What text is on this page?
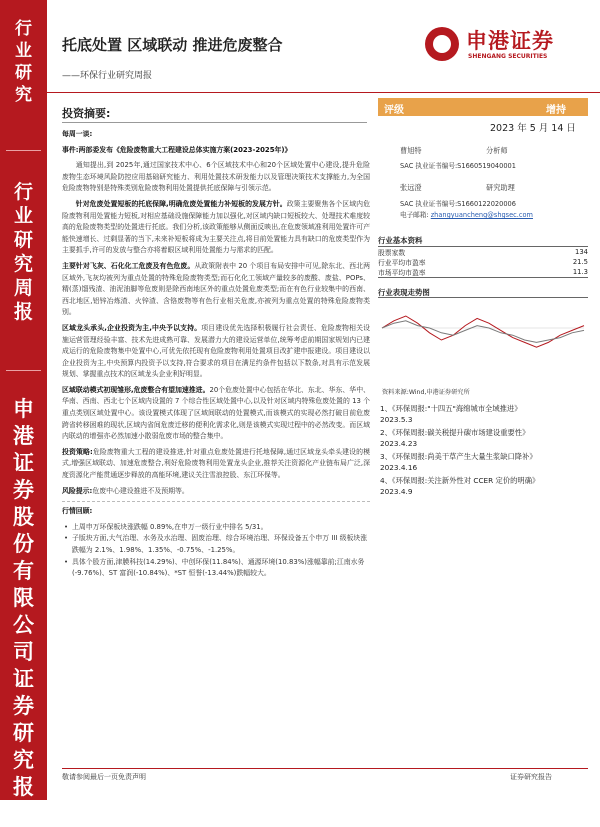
行
业
研
究
行
业
研
究
周
报
申
港
证
券
股
份
有
限
公
司
证
券
研
究
报
告
托底处置 区域联动 推进危废整合
——环保行业研究周报
申港证券
SHENGANG SECURITIES
投资摘要:

每周一谈:

事件:两部委发布《危险废物重大工程建设总体实施方案(2023-2025年)》

通知提出,到 2025年,通过国家技术中心、6个区域技术中心和20个区域处置中心建设,提升危险废物生态环境风险防控应用基础研究能力、利用处置技术研发能力以及管理决策技术支撑能力,为全国危险废物特别是特殊类别危险废物利用处置提供托底保障与引领示范。

针对危废处置短板的托底保障,明确危废处置能力补短板的发展方针。政策主要聚焦各个区域内危险废物利用处置能力短板,对相应基础设施保障能力加以强化,对区域内缺口短板较大、处理技术难度较高的危险废物类型的处置进行托底。我们分析,该政策能够从侧面反映出,在危废领域准利用处置许可产能快速增长、过剩显著的当下,未来补短板将成为主要关注点,将目前处置能力具有缺口的危废类型作为主要抓手,许可的发放与整合亦将着眼区域利用处置能力与需求的匹配。

主要针对飞灰、石化化工危废及有色危废。从政策附表中 20 个项目布局安排中可见,除东北、西北两区域外,飞灰均被列为重点处置的特殊危险废物类型;而石化化工领域产量较多的废酸、废盐、POPs、精(蒸)馏残渣、油泥油脚等危废则是除西南地区外的重点处置危废类型;而在有色行业较集中的西南、西北地区,铝锌冶炼渣、火锌渣、含铬废物等有色行业相关危废,亦被列为重点处置的特殊危险废物类别。

区域龙头承头,企业投资为主,中央予以支持。项目建设优先选择积极履行社会责任、危险废物相关设施运营管理经验丰富、技术先进成熟可靠、发展潜力大的建设运营单位,统筹考虑前期国家规划内已建成运行的危险废物集中处置中心,可优先依托现有危险废物利用处置项目改扩建申报建设。项目建设以企业投资为主,中央预算内投资予以支持,符合要求的项目在满足约条件包括以下数条,对具有示范发展规划、掌握重点技术的区域龙头企业利好明显。

区域联动模式初现雏形,危废整合有望加速推进。20个危废处置中心包括在华北、东北、华东、华中、华南、西南、西北七个区域内设置的 7 个综合性区域处置中心,以及针对区域内特殊危废处置的 13 个重点类别区域处置中心。该设置模式体现了区域间联动的处置模式,而该模式的实现必然打破目前危废跨省转移困难的现状,区域内省间危废迁移的便利化需求化,则是该模式实现过程中的必然改变。而区域内联动的增强亦必然加速小散弱危废市场的整合集中。

投资策略:危险废物重大工程的建设推进,针对重点危废处置进行托地保障,通过区域龙头牵头建设的模式,增强区域联动、加速危废整合,利好危险废物利用处置龙头企业,推荐关注资源化产业链布局广泛,深度资源化产能贯通逐步释放的高能环境,建议关注雪浪控股、东江环保等。

风险提示:危废中心建设推进不及预期等。

行情回顾:

• 上周申万环保板块涨跌幅 0.89%,在申万一级行业中排名 5/31。
• 子版块方面,大气治理、水务及水治理、固废治理、综合环境治理、环保设备五个申万 III 级板块涨跌幅为 2.1%、1.98%、1.35%、-0.75%、-1.25%。
• 具体个股方面,津膜科技(14.29%)、中创环保(11.84%)、通源环境(10.83%)涨幅靠前;江南水务(-9.76%)、ST 富润(-10.84%)、*ST 恒誉(-13.44%)跌幅较大。
评级	增持
2023 年 5 月 14 日
曹旭特	分析师
SAC 执业证书编号:S1660519040001
张远澄	研究助理
SAC 执业证书编号:S1660122020006
电子邮箱: zhangyuancheng@shgsec.com
行业基本资料
股票家数	134
行业平均市盈率	21.5
市场平均市盈率	11.3
行业表现走势图
资料来源:Wind,申港证券研究所
1、《环保周报:"十四五"海绵城市全域推进》
2023.5.3
2、《环保周报:碳关税提升碳市场建设重要性》
2023.4.23
3、《环保周报:尚美干草产生大量生浆缺口降补》
2023.4.16
4、《环保周报:关注新外性对 CCER 定价的明确》
2023.4.9
敬请参阅最后一页免责声明	证券研究报告
